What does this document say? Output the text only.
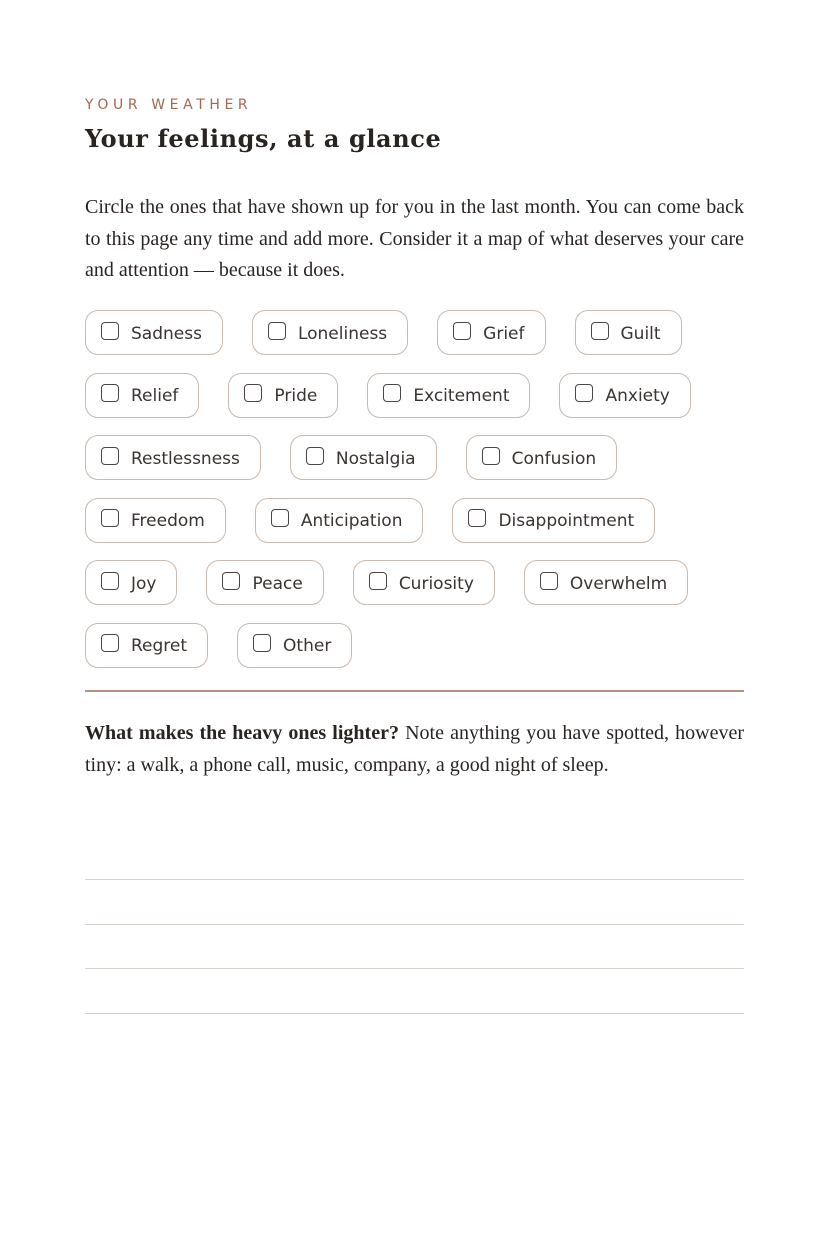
YOUR WEATHER
Your feelings, at a glance

Circle the ones that have shown up for you in the last month. You can come back to this page any time and add more. Consider it a map of what deserves your care and attention — because it does.

Sadness	Loneliness	Grief	Guilt
Relief	Pride	Excitement	Anxiety
Restlessness	Nostalgia	Confusion
Freedom	Anticipation	Disappointment
Joy	Peace	Curiosity	Overwhelm
Regret	Other

What makes the heavy ones lighter? Note anything you have spotted, however tiny: a walk, a phone call, music, company, a good night of sleep.
